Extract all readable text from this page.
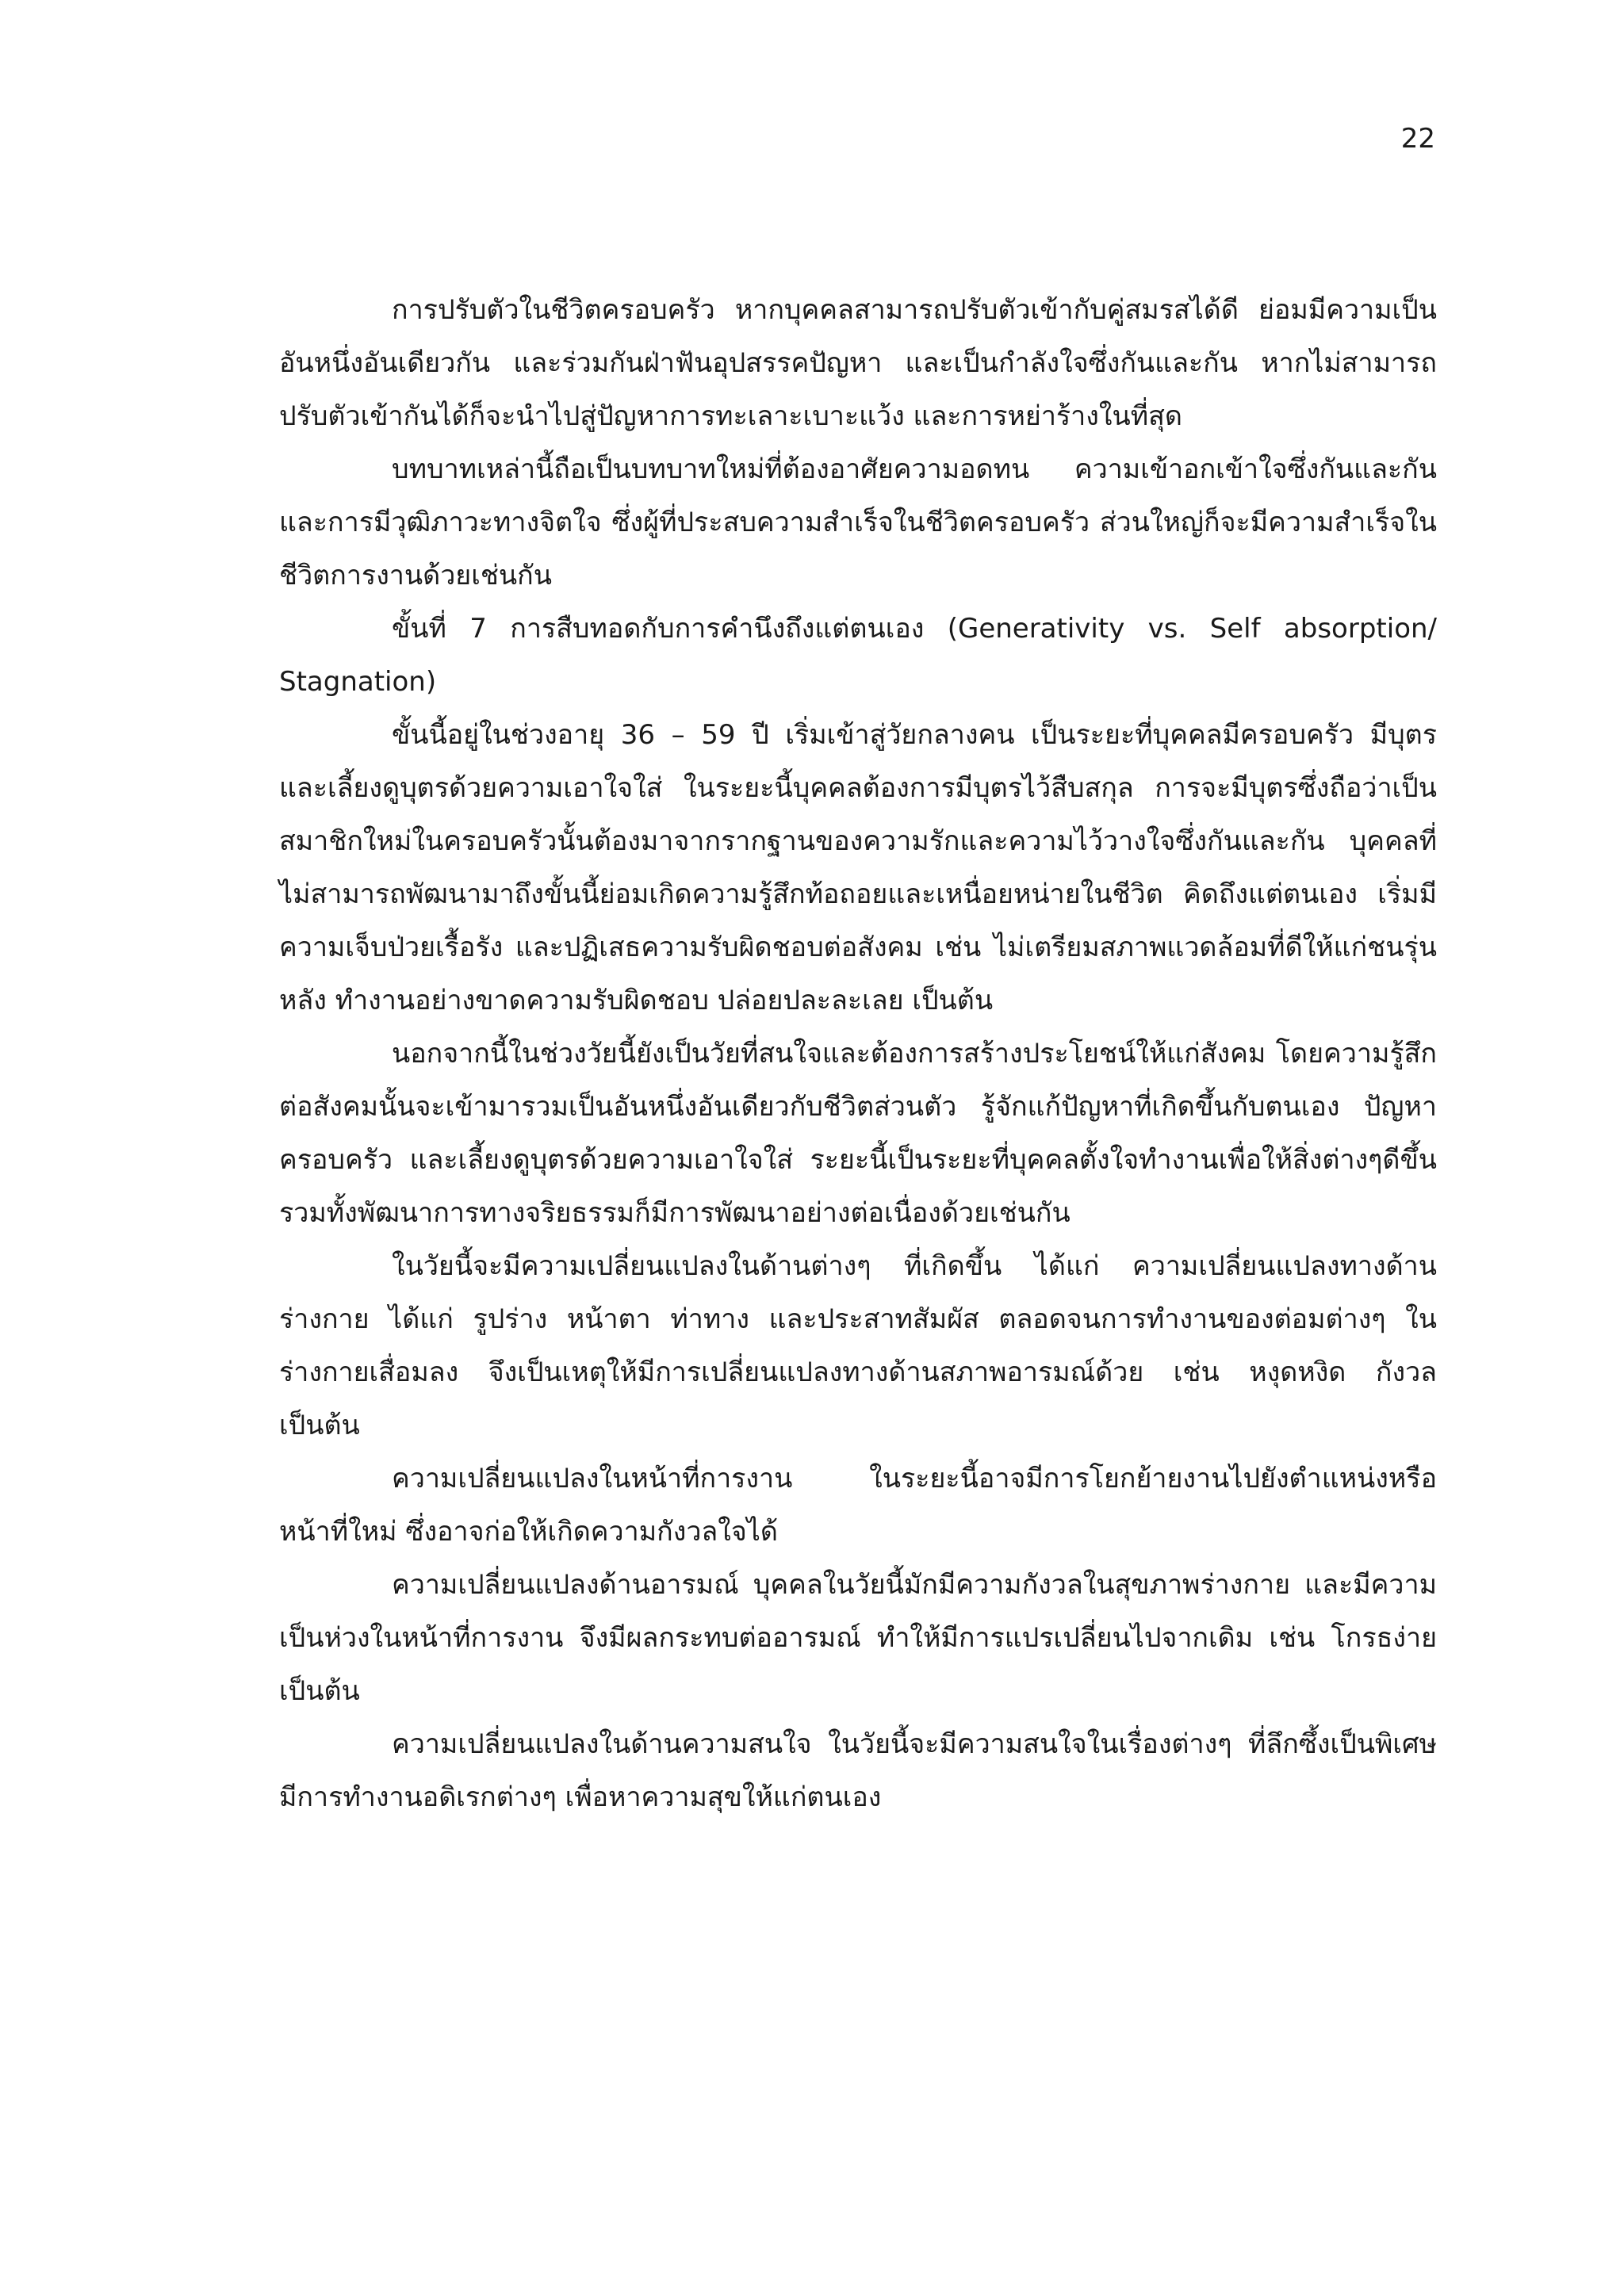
22

การปรับตัวในชีวิตครอบครัว หากบุคคลสามารถปรับตัวเข้ากับคู่สมรสได้ดี ย่อมมีความเป็นอันหนึ่งอันเดียวกัน และร่วมกันฝ่าฟันอุปสรรคปัญหา และเป็นกำลังใจซึ่งกันและกัน หากไม่สามารถปรับตัวเข้ากันได้ก็จะนำไปสู่ปัญหาการทะเลาะเบาะแว้ง และการหย่าร้างในที่สุด

บทบาทเหล่านี้ถือเป็นบทบาทใหม่ที่ต้องอาศัยความอดทน ความเข้าอกเข้าใจซึ่งกันและกัน และการมีวุฒิภาวะทางจิตใจ ซึ่งผู้ที่ประสบความสำเร็จในชีวิตครอบครัว ส่วนใหญ่ก็จะมีความสำเร็จในชีวิตการงานด้วยเช่นกัน

ขั้นที่ 7 การสืบทอดกับการคำนึงถึงแต่ตนเอง (Generativity vs. Self absorption/ Stagnation)

ขั้นนี้อยู่ในช่วงอายุ 36 – 59 ปี เริ่มเข้าสู่วัยกลางคน เป็นระยะที่บุคคลมีครอบครัว มีบุตร และเลี้ยงดูบุตรด้วยความเอาใจใส่ ในระยะนี้บุคคลต้องการมีบุตรไว้สืบสกุล การจะมีบุตรซึ่งถือว่าเป็นสมาชิกใหม่ในครอบครัวนั้นต้องมาจากรากฐานของความรักและความไว้วางใจซึ่งกันและกัน บุคคลที่ไม่สามารถพัฒนามาถึงขั้นนี้ย่อมเกิดความรู้สึกท้อถอยและเหนื่อยหน่ายในชีวิต คิดถึงแต่ตนเอง เริ่มมีความเจ็บป่วยเรื้อรัง และปฏิเสธความรับผิดชอบต่อสังคม เช่น ไม่เตรียมสภาพแวดล้อมที่ดีให้แก่ชนรุ่นหลัง ทำงานอย่างขาดความรับผิดชอบ ปล่อยปละละเลย เป็นต้น

นอกจากนี้ในช่วงวัยนี้ยังเป็นวัยที่สนใจและต้องการสร้างประโยชน์ให้แก่สังคม โดยความรู้สึกต่อสังคมนั้นจะเข้ามารวมเป็นอันหนึ่งอันเดียวกับชีวิตส่วนตัว รู้จักแก้ปัญหาที่เกิดขึ้นกับตนเอง ปัญหาครอบครัว และเลี้ยงดูบุตรด้วยความเอาใจใส่ ระยะนี้เป็นระยะที่บุคคลตั้งใจทำงานเพื่อให้สิ่งต่างๆดีขึ้น รวมทั้งพัฒนาการทางจริยธรรมก็มีการพัฒนาอย่างต่อเนื่องด้วยเช่นกัน

ในวัยนี้จะมีความเปลี่ยนแปลงในด้านต่างๆ ที่เกิดขึ้น ได้แก่ ความเปลี่ยนแปลงทางด้านร่างกาย ได้แก่ รูปร่าง หน้าตา ท่าทาง และประสาทสัมผัส ตลอดจนการทำงานของต่อมต่างๆ ในร่างกายเสื่อมลง จึงเป็นเหตุให้มีการเปลี่ยนแปลงทางด้านสภาพอารมณ์ด้วย เช่น หงุดหงิด กังวล เป็นต้น

ความเปลี่ยนแปลงในหน้าที่การงาน ในระยะนี้อาจมีการโยกย้ายงานไปยังตำแหน่งหรือหน้าที่ใหม่ ซึ่งอาจก่อให้เกิดความกังวลใจได้

ความเปลี่ยนแปลงด้านอารมณ์ บุคคลในวัยนี้มักมีความกังวลในสุขภาพร่างกาย และมีความเป็นห่วงในหน้าที่การงาน จึงมีผลกระทบต่ออารมณ์ ทำให้มีการแปรเปลี่ยนไปจากเดิม เช่น โกรธง่าย เป็นต้น

ความเปลี่ยนแปลงในด้านความสนใจ ในวัยนี้จะมีความสนใจในเรื่องต่างๆ ที่ลึกซึ้งเป็นพิเศษ มีการทำงานอดิเรกต่างๆ เพื่อหาความสุขให้แก่ตนเอง
